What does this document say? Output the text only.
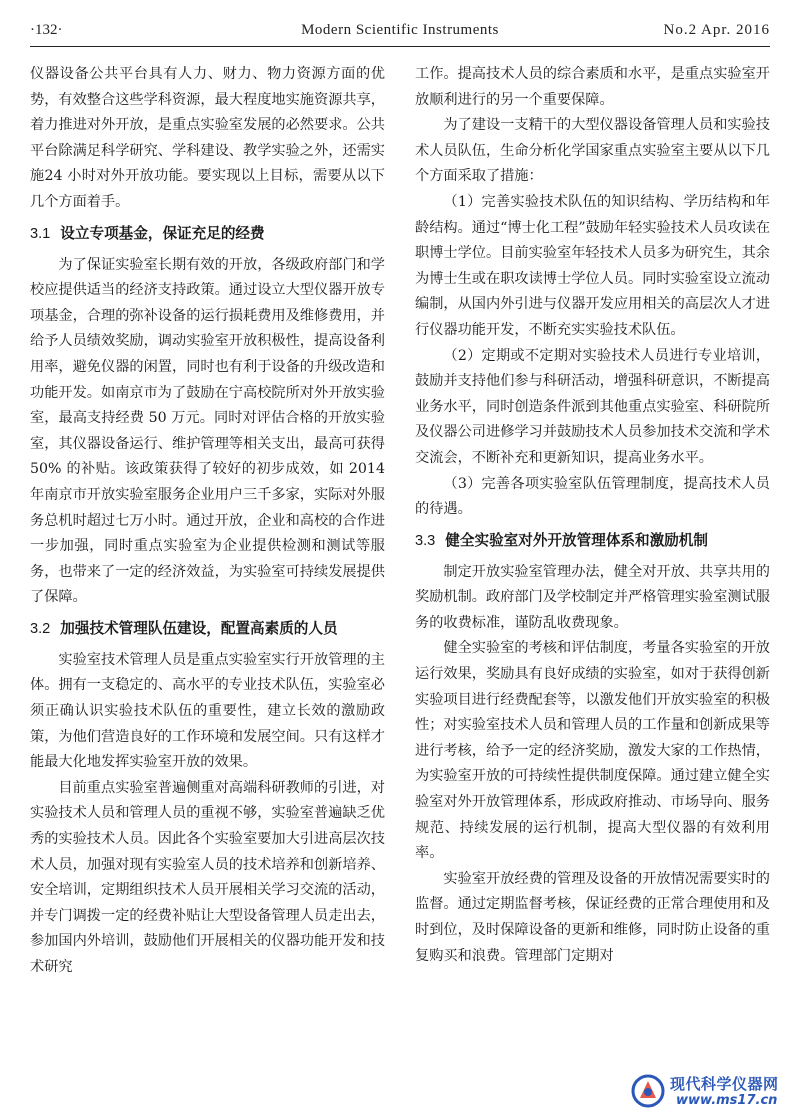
·132·	Modern Scientific Instruments	No.2 Apr. 2016

仪器设备公共平台具有人力、财力、物力资源方面的优势，有效整合这些学科资源，最大程度地实施资源共享，着力推进对外开放，是重点实验室发展的必然要求。公共平台除满足科学研究、学科建设、教学实验之外，还需实施24 小时对外开放功能。要实现以上目标，需要从以下几个方面着手。

3.1 设立专项基金，保证充足的经费

为了保证实验室长期有效的开放，各级政府部门和学校应提供适当的经济支持政策。通过设立大型仪器开放专项基金，合理的弥补设备的运行损耗费用及维修费用，并给予人员绩效奖励，调动实验室开放积极性，提高设备利用率，避免仪器的闲置，同时也有利于设备的升级改造和功能开发。如南京市为了鼓励在宁高校院所对外开放实验室，最高支持经费 50 万元。同时对评估合格的开放实验室，其仪器设备运行、维护管理等相关支出，最高可获得 50% 的补贴。该政策获得了较好的初步成效，如 2014 年南京市开放实验室服务企业用户三千多家，实际对外服务总机时超过七万小时。通过开放，企业和高校的合作进一步加强，同时重点实验室为企业提供检测和测试等服务，也带来了一定的经济效益，为实验室可持续发展提供了保障。

3.2 加强技术管理队伍建设，配置高素质的人员

实验室技术管理人员是重点实验室实行开放管理的主体。拥有一支稳定的、高水平的专业技术队伍，实验室必须正确认识实验技术队伍的重要性，建立长效的激励政策，为他们营造良好的工作环境和发展空间。只有这样才能最大化地发挥实验室开放的效果。

目前重点实验室普遍侧重对高端科研教师的引进，对实验技术人员和管理人员的重视不够，实验室普遍缺乏优秀的实验技术人员。因此各个实验室要加大引进高层次技术人员，加强对现有实验室人员的技术培养和创新培养、安全培训，定期组织技术人员开展相关学习交流的活动，并专门调拨一定的经费补贴让大型设备管理人员走出去，参加国内外培训，鼓励他们开展相关的仪器功能开发和技术研究

工作。提高技术人员的综合素质和水平，是重点实验室开放顺利进行的另一个重要保障。

为了建设一支精干的大型仪器设备管理人员和实验技术人员队伍，生命分析化学国家重点实验室主要从以下几个方面采取了措施：

（1）完善实验技术队伍的知识结构、学历结构和年龄结构。通过“博士化工程”鼓励年轻实验技术人员攻读在职博士学位。目前实验室年轻技术人员多为研究生，其余为博士生或在职攻读博士学位人员。同时实验室设立流动编制，从国内外引进与仪器开发应用相关的高层次人才进行仪器功能开发，不断充实实验技术队伍。

（2）定期或不定期对实验技术人员进行专业培训，鼓励并支持他们参与科研活动，增强科研意识，不断提高业务水平，同时创造条件派到其他重点实验室、科研院所及仪器公司进修学习并鼓励技术人员参加技术交流和学术交流会，不断补充和更新知识，提高业务水平。

（3）完善各项实验室队伍管理制度，提高技术人员的待遇。

3.3 健全实验室对外开放管理体系和激励机制

制定开放实验室管理办法，健全对开放、共享共用的奖励机制。政府部门及学校制定并严格管理实验室测试服务的收费标准，谨防乱收费现象。

健全实验室的考核和评估制度，考量各实验室的开放运行效果，奖励具有良好成绩的实验室，如对于获得创新实验项目进行经费配套等，以激发他们开放实验室的积极性；对实验室技术人员和管理人员的工作量和创新成果等进行考核，给予一定的经济奖励，激发大家的工作热情，为实验室开放的可持续性提供制度保障。通过建立健全实验室对外开放管理体系，形成政府推动、市场导向、服务规范、持续发展的运行机制，提高大型仪器的有效利用率。

实验室开放经费的管理及设备的开放情况需要实时的监督。通过定期监督考核，保证经费的正常合理使用和及时到位，及时保障设备的更新和维修，同时防止设备的重复购买和浪费。管理部门定期对

现代科学仪器网
www.ms17.cn
